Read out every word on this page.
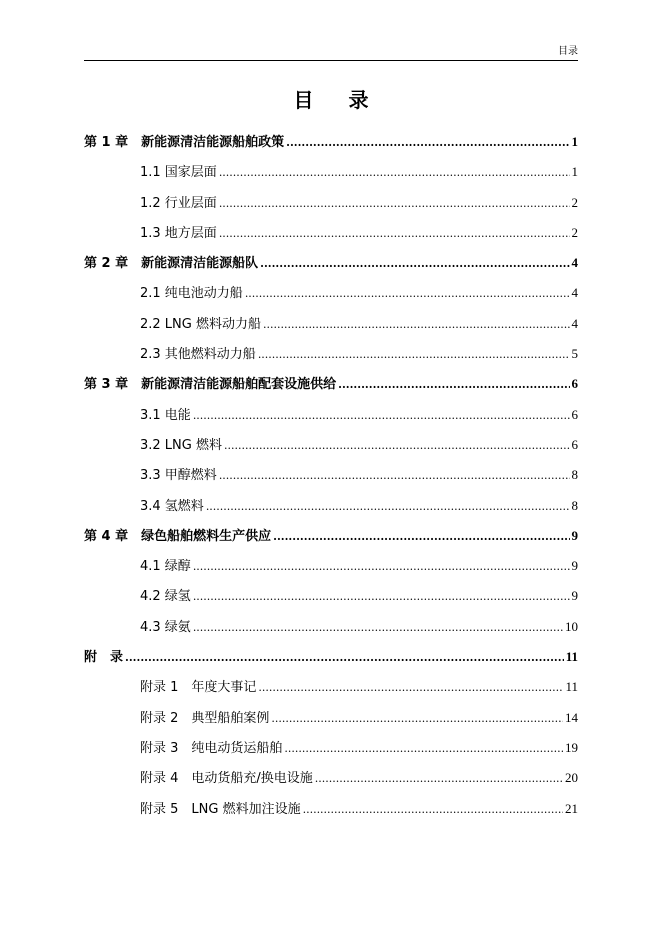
目录
目 录
第 1 章　新能源清洁能源船舶政策 .....	1
1.1 国家层面 .....	1
1.2 行业层面 .....	2
1.3 地方层面 .....	2
第 2 章　新能源清洁能源船队 .....	4
2.1 纯电池动力船 .....	4
2.2 LNG 燃料动力船 .....	4
2.3 其他燃料动力船 .....	5
第 3 章　新能源清洁能源船舶配套设施供给 .....	6
3.1 电能 .....	6
3.2 LNG 燃料 .....	6
3.3 甲醇燃料 .....	8
3.4 氢燃料 .....	8
第 4 章　绿色船舶燃料生产供应 .....	9
4.1 绿醇 .....	9
4.2 绿氢 .....	9
4.3 绿氨 .....	10
附　录 .....	11
附录 1　年度大事记 .....	11
附录 2　典型船舶案例 .....	14
附录 3　纯电动货运船舶 .....	19
附录 4　电动货船充/换电设施 .....	20
附录 5　LNG 燃料加注设施 .....	21
